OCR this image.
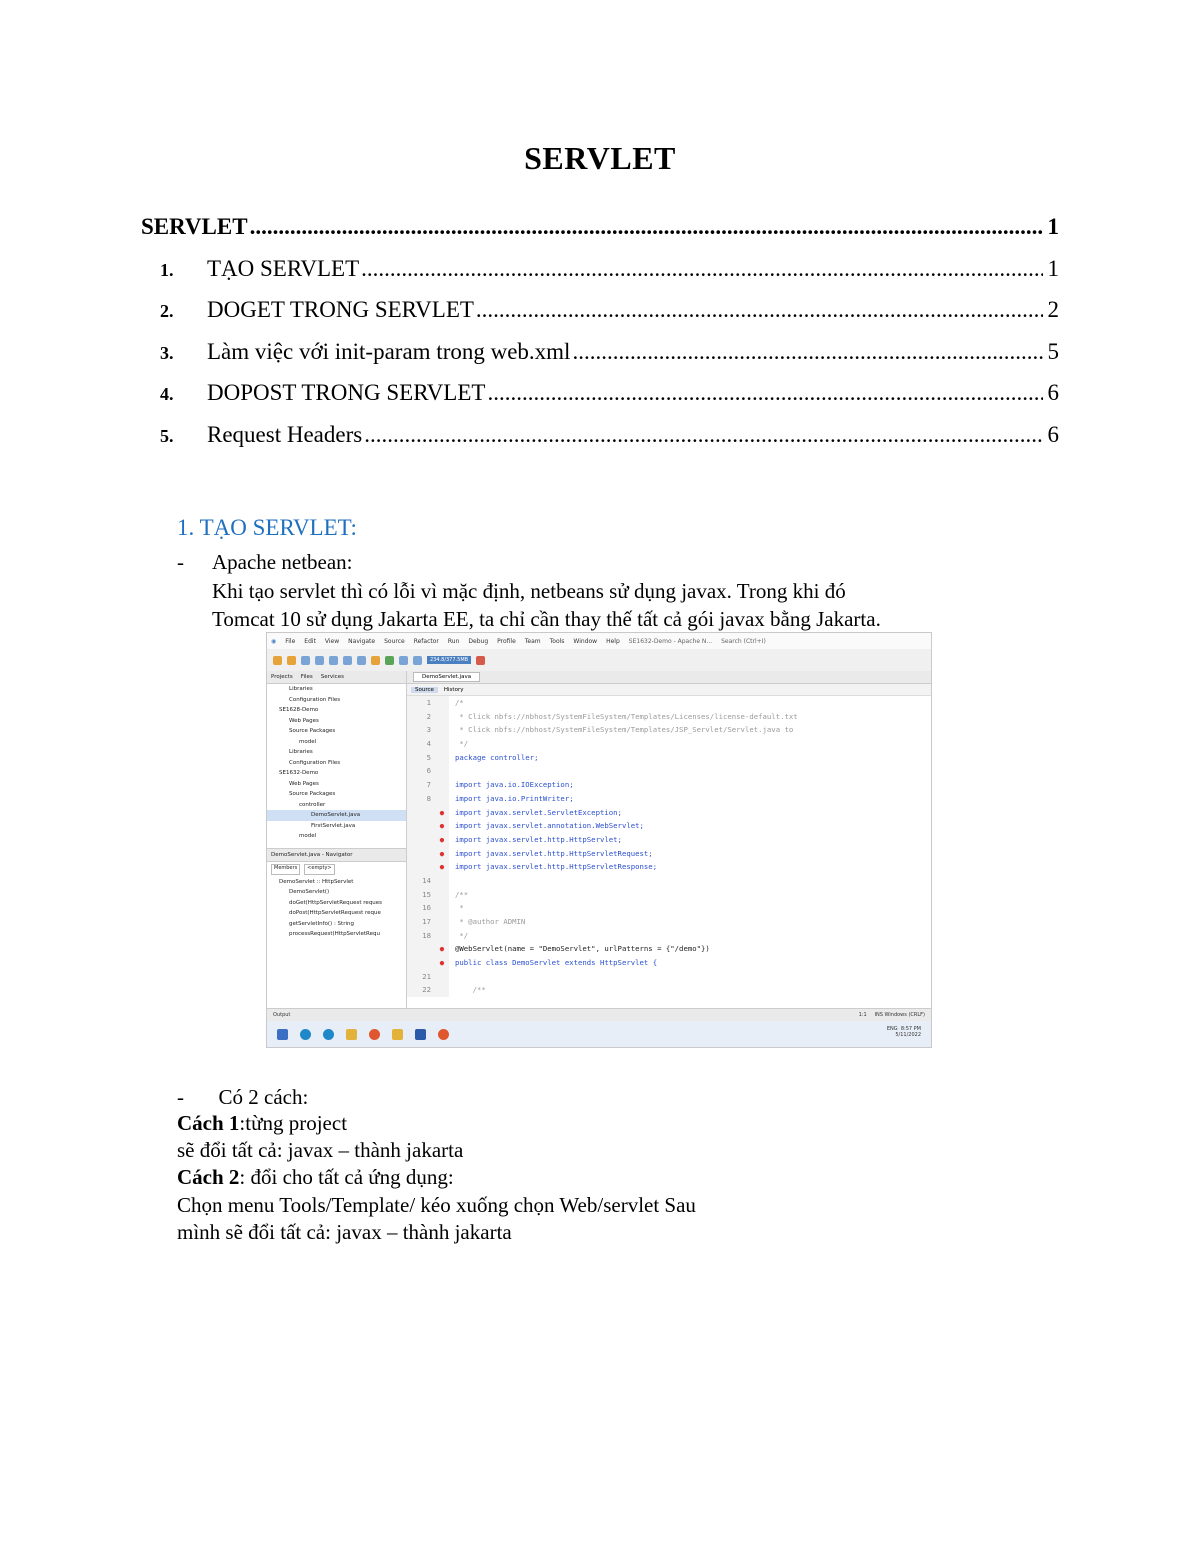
SERVLET
SERVLET .....	1
1.	TẠO SERVLET .....	1
2.	DOGET TRONG SERVLET .....	2
3.	Làm việc với init-param trong web.xml .....	5
4.	DOPOST TRONG SERVLET .....	6
5.	Request Headers .....	6
1. TẠO SERVLET:
- Apache netbean:
Khi tạo servlet thì có lỗi vì mặc định, netbeans sử dụng javax. Trong khi đó
Tomcat 10 sử dụng Jakarta EE, ta chỉ cần thay thế tất cả gói javax bằng Jakarta.
◉ File Edit View Navigate Source Refactor Run Debug Profile Team Tools Window Help SE1632-Demo - Apache N... Search (Ctrl+I)
234.8/377.5MB
Projects Files Services
Libraries
Configuration Files
SE1628-Demo
Web Pages
Source Packages
model
Libraries
Configuration Files
SE1632-Demo
Web Pages
Source Packages
controller
DemoServlet.java
FirstServlet.java
model
DemoServlet.java - Navigator
Members	<empty>
DemoServlet :: HttpServlet
DemoServlet()
doGet(HttpServletRequest reques
doPost(HttpServletRequest reque
getServletInfo() : String
processRequest(HttpServletRequ
DemoServlet.java
Source	History
1	/*
2	* Click nbfs://nbhost/SystemFileSystem/Templates/Licenses/license-default.txt
3	* Click nbfs://nbhost/SystemFileSystem/Templates/JSP_Servlet/Servlet.java to
4	*/
5	package controller;
6
7	import java.io.IOException;
8	import java.io.PrintWriter;
●	import javax.servlet.ServletException;
●	import javax.servlet.annotation.WebServlet;
●	import javax.servlet.http.HttpServlet;
●	import javax.servlet.http.HttpServletRequest;
●	import javax.servlet.http.HttpServletResponse;
14
15	/**
16	*
17	* @author ADMIN
18	*/
●	@WebServlet(name = "DemoServlet", urlPatterns = {"/demo"})
●	public class DemoServlet extends HttpServlet {
21
22	/**
Output	1:1 INS Windows (CRLF)
ENG 8:57 PM
5/11/2022
- Có 2 cách:
Cách 1:từng project
sẽ đổi tất cả: javax – thành jakarta
Cách 2: đổi cho tất cả ứng dụng:
Chọn menu Tools/Template/ kéo xuống chọn Web/servlet Sau
mình sẽ đổi tất cả: javax – thành jakarta
